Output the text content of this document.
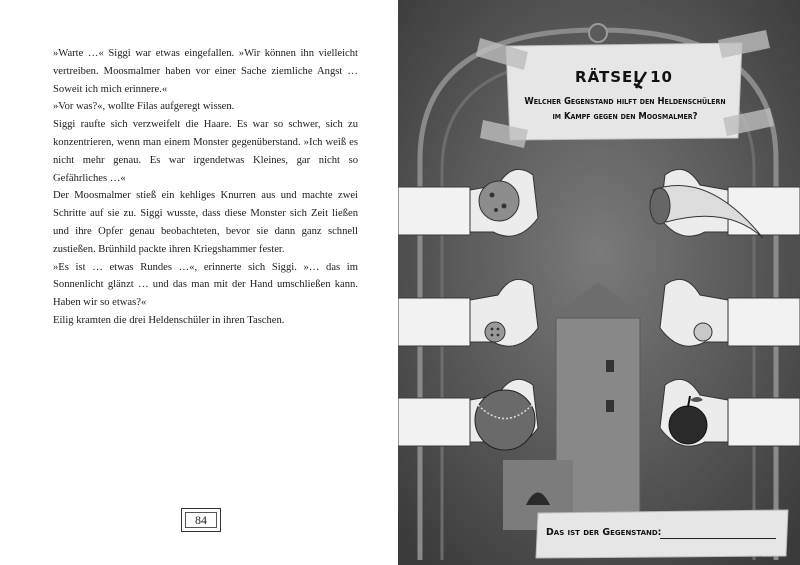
»Warte …« Siggi war etwas eingefallen. »Wir können ihn vielleicht vertreiben. Moosmalmer haben vor einer Sache ziemliche Angst … Soweit ich mich erinnere.«

»Vor was?«, wollte Filas aufgeregt wissen.

Siggi raufte sich verzweifelt die Haare. Es war so schwer, sich zu konzentrieren, wenn man einem Monster gegenüberstand. »Ich weiß es nicht mehr genau. Es war irgendetwas Kleines, gar nicht so Gefährliches …«

Der Moosmalmer stieß ein kehliges Knurren aus und machte zwei Schritte auf sie zu. Siggi wusste, dass diese Monster sich Zeit ließen und ihre Opfer genau beobachteten, bevor sie dann ganz schnell zustießen. Brünhild packte ihren Kriegshammer fester.

»Es ist … etwas Rundes …«, erinnerte sich Siggi. »… das im Sonnenlicht glänzt … und das man mit der Hand umschließen kann. Haben wir so etwas?«

Eilig kramten die drei Heldenschüler in ihren Taschen.

84
RÄTSEL 10
Welcher Gegenstand hilft den Heldenschülern
im Kampf gegen den Moosmalmer?
Das ist der Gegenstand:
